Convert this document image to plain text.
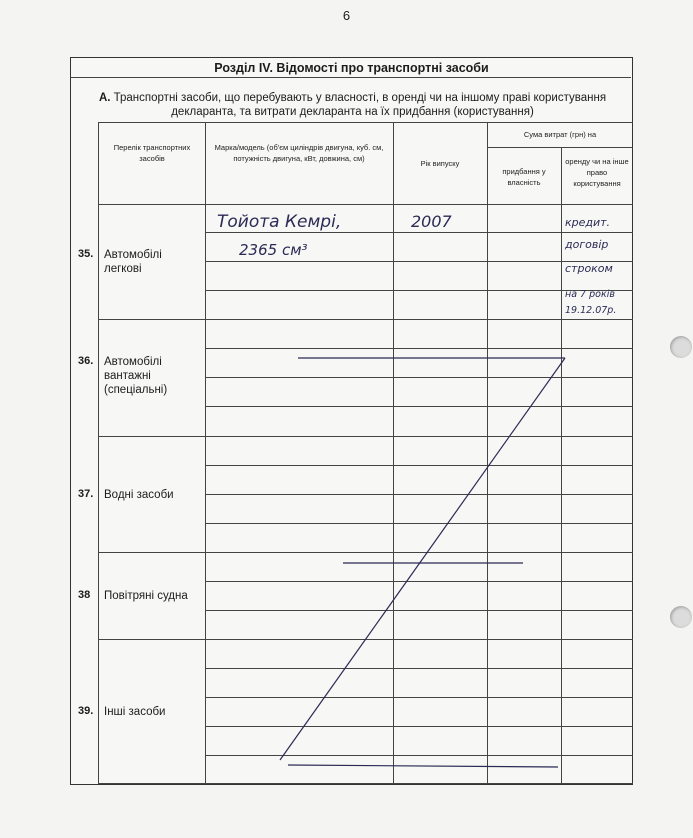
6
Розділ IV. Відомості про транспортні засоби
А. Транспортні засоби, що перебувають у власності, в оренді чи на іншому праві користування декларанта, та витрати декларанта на їх придбання (користування)
Перелік транспортних засобів
Марка/модель (об'єм циліндрів двигуна, куб. см, потужність двигуна, кВт, довжина, см)
Рік випуску
Сума витрат (грн) на
придбання у власність
оренду чи на інше право користування
35. Автомобілі легкові
36. Автомобілі вантажні (спеціальні)
37. Водні засоби
38 Повітряні судна
39. Інші засоби
Тойота Кемрі,	2007
2365 см³
кредит.
договір
строком
на 7 років
19.12.07р.
